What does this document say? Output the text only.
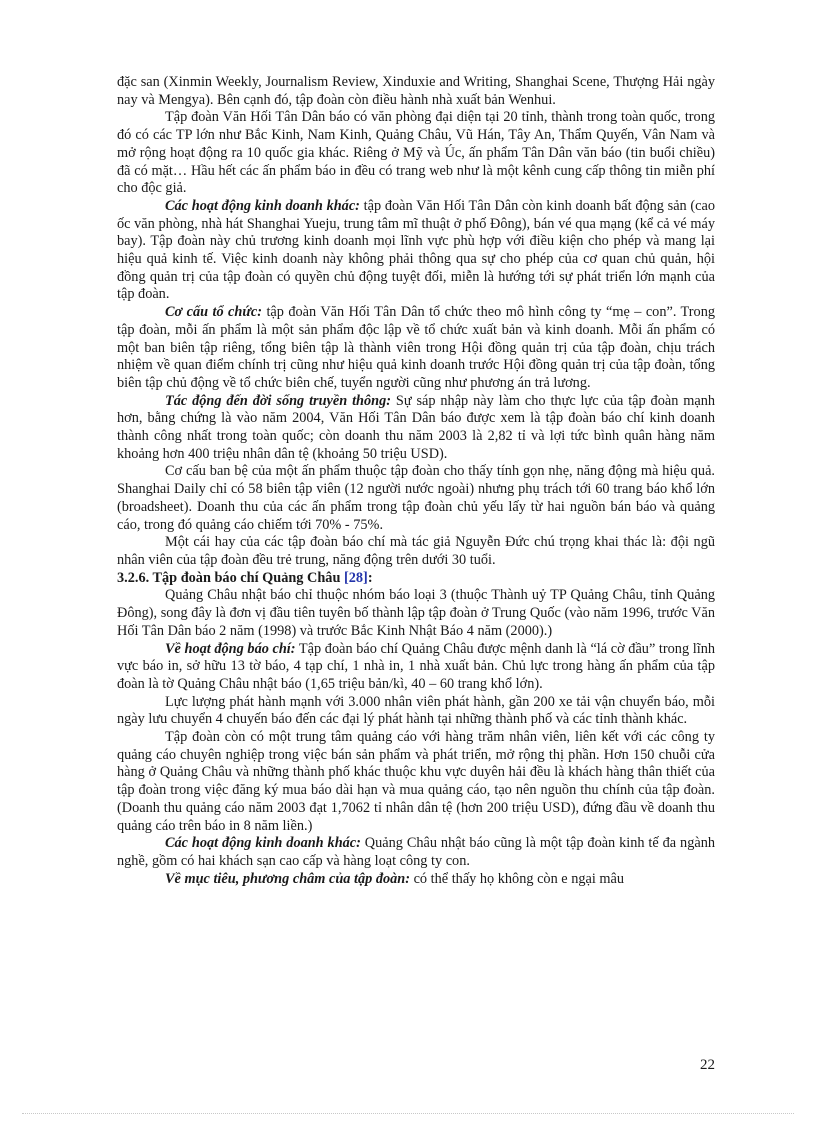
đặc san (Xinmin Weekly, Journalism Review, Xinduxie and Writing, Shanghai Scene, Thượng Hải ngày nay và Mengya). Bên cạnh đó, tập đoàn còn điều hành nhà xuất bản Wenhui.

Tập đoàn Văn Hối Tân Dân báo có văn phòng đại diện tại 20 tỉnh, thành trong toàn quốc, trong đó có các TP lớn như Bắc Kinh, Nam Kinh, Quảng Châu, Vũ Hán, Tây An, Thẩm Quyến, Vân Nam và mở rộng hoạt động ra 10 quốc gia khác. Riêng ở Mỹ và Úc, ấn phẩm Tân Dân văn báo (tin buổi chiều) đã có mặt… Hầu hết các ấn phẩm báo in đều có trang web như là một kênh cung cấp thông tin miễn phí cho độc giả.

Các hoạt động kinh doanh khác: tập đoàn Văn Hối Tân Dân còn kinh doanh bất động sản (cao ốc văn phòng, nhà hát Shanghai Yueju, trung tâm mĩ thuật ở phố Đông), bán vé qua mạng (kể cả vé máy bay). Tập đoàn này chủ trương kinh doanh mọi lĩnh vực phù hợp với điều kiện cho phép và mang lại hiệu quả kinh tế. Việc kinh doanh này không phải thông qua sự cho phép của cơ quan chủ quản, hội đồng quản trị của tập đoàn có quyền chủ động tuyệt đối, miễn là hướng tới sự phát triển lớn mạnh của tập đoàn.

Cơ cấu tổ chức: tập đoàn Văn Hối Tân Dân tổ chức theo mô hình công ty “mẹ – con”. Trong tập đoàn, mỗi ấn phẩm là một sản phẩm độc lập về tổ chức xuất bản và kinh doanh. Mỗi ấn phẩm có một ban biên tập riêng, tổng biên tập là thành viên trong Hội đồng quản trị của tập đoàn, chịu trách nhiệm về quan điểm chính trị cũng như hiệu quả kinh doanh trước Hội đồng quản trị của tập đoàn, tổng biên tập chủ động về tổ chức biên chế, tuyển người cũng như phương án trả lương.

Tác động đến đời sống truyền thông: Sự sáp nhập này làm cho thực lực của tập đoàn mạnh hơn, bằng chứng là vào năm 2004, Văn Hối Tân Dân báo được xem là tập đoàn báo chí kinh doanh thành công nhất trong toàn quốc; còn doanh thu năm 2003 là 2,82 tỉ và lợi tức bình quân hàng năm khoảng hơn 400 triệu nhân dân tệ (khoảng 50 triệu USD).

Cơ cấu ban bệ của một ấn phẩm thuộc tập đoàn cho thấy tính gọn nhẹ, năng động mà hiệu quả. Shanghai Daily chỉ có 58 biên tập viên (12 người nước ngoài) nhưng phụ trách tới 60 trang báo khổ lớn (broadsheet). Doanh thu của các ấn phẩm trong tập đoàn chủ yếu lấy từ hai nguồn bán báo và quảng cáo, trong đó quảng cáo chiếm tới 70% - 75%.

Một cái hay của các tập đoàn báo chí mà tác giả Nguyễn Đức chú trọng khai thác là: đội ngũ nhân viên của tập đoàn đều trẻ trung, năng động trên dưới 30 tuổi.

3.2.6. Tập đoàn báo chí Quảng Châu [28]:

Quảng Châu nhật báo chỉ thuộc nhóm báo loại 3 (thuộc Thành uỷ TP Quảng Châu, tỉnh Quảng Đông), song đây là đơn vị đầu tiên tuyên bố thành lập tập đoàn ở Trung Quốc (vào năm 1996, trước Văn Hối Tân Dân báo 2 năm (1998) và trước Bắc Kinh Nhật Báo 4 năm (2000).)

Về hoạt động báo chí: Tập đoàn báo chí Quảng Châu được mệnh danh là “lá cờ đầu” trong lĩnh vực báo in, sở hữu 13 tờ báo, 4 tạp chí, 1 nhà in, 1 nhà xuất bản. Chủ lực trong hàng ấn phẩm của tập đoàn là tờ Quảng Châu nhật báo (1,65 triệu bản/kì, 40 – 60 trang khổ lớn).

Lực lượng phát hành mạnh với 3.000 nhân viên phát hành, gần 200 xe tải vận chuyển báo, mỗi ngày lưu chuyển 4 chuyến báo đến các đại lý phát hành tại những thành phố và các tỉnh thành khác.

Tập đoàn còn có một trung tâm quảng cáo với hàng trăm nhân viên, liên kết với các công ty quảng cáo chuyên nghiệp trong việc bán sản phẩm và phát triển, mở rộng thị phần. Hơn 150 chuỗi cửa hàng ở Quảng Châu và những thành phố khác thuộc khu vực duyên hải đều là khách hàng thân thiết của tập đoàn trong việc đăng ký mua báo dài hạn và mua quảng cáo, tạo nên nguồn thu chính của tập đoàn. (Doanh thu quảng cáo năm 2003 đạt 1,7062 tỉ nhân dân tệ (hơn 200 triệu USD), đứng đầu về doanh thu quảng cáo trên báo in 8 năm liền.)

Các hoạt động kinh doanh khác: Quảng Châu nhật báo cũng là một tập đoàn kinh tế đa ngành nghề, gồm có hai khách sạn cao cấp và hàng loạt công ty con.

Về mục tiêu, phương châm của tập đoàn: có thể thấy họ không còn e ngại mâu

22
